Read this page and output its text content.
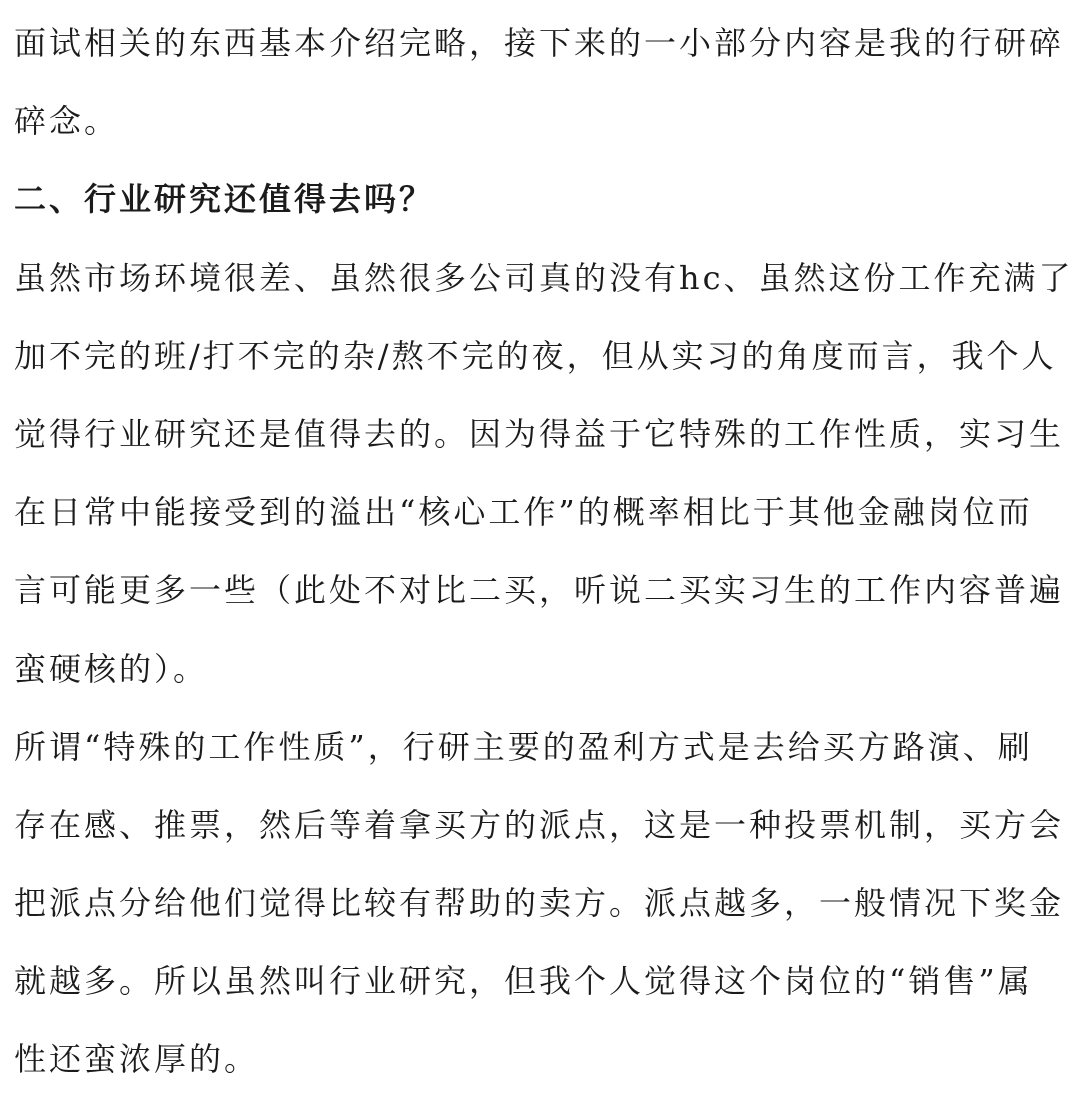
面试相关的东西基本介绍完略，接下来的一小部分内容是我的行研碎
碎念。
二、行业研究还值得去吗？
虽然市场环境很差、虽然很多公司真的没有hc、虽然这份工作充满了
加不完的班/打不完的杂/熬不完的夜，但从实习的角度而言，我个人
觉得行业研究还是值得去的。因为得益于它特殊的工作性质，实习生
在日常中能接受到的溢出“核心工作”的概率相比于其他金融岗位而
言可能更多一些（此处不对比二买，听说二买实习生的工作内容普遍
蛮硬核的）。
所谓“特殊的工作性质”，行研主要的盈利方式是去给买方路演、刷
存在感、推票，然后等着拿买方的派点，这是一种投票机制，买方会
把派点分给他们觉得比较有帮助的卖方。派点越多，一般情况下奖金
就越多。所以虽然叫行业研究，但我个人觉得这个岗位的“销售”属
性还蛮浓厚的。
